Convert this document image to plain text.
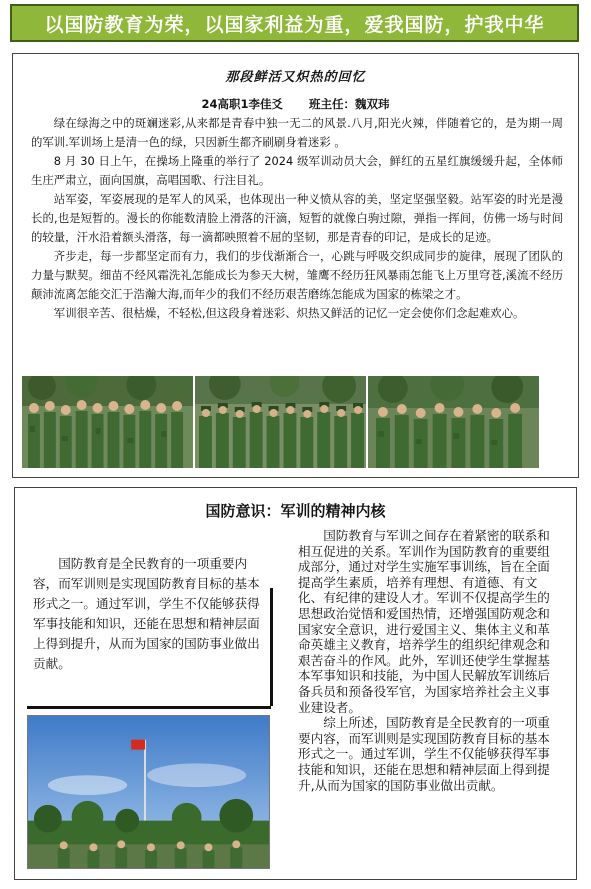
以国防教育为荣，以国家利益为重，爱我国防，护我中华
那段鲜活又炽热的回忆
24高职1李佳爻 班主任：魏双玮

绿在绿海之中的斑斓迷彩,从来都是青春中独一无二的风景.八月,阳光火辣，伴随着它的，是为期一周的军训.军训场上是清一色的绿，只因新生都齐刷刷身着迷彩 。

8 月 30 日上午，在操场上隆重的举行了 2024 级军训动员大会，鲜红的五星红旗缓缓升起，全体师生庄严肃立，面向国旗，高唱国歌、行注目礼。

站军姿，军姿展现的是军人的风采，也体现出一种义愤从容的美，坚定坚强坚毅。站军姿的时光是漫长的,也是短暂的。漫长的你能数清脸上滑落的汗滴，短暂的就像白驹过隙，弹指一挥间，仿佛一场与时间的较量，汗水沿着额头滑落，每一滴都映照着不屈的坚韧，那是青春的印记，是成长的足迹。

齐步走，每一步都坚定而有力，我们的步伐渐渐合一，心跳与呼吸交织成同步的旋律，展现了团队的力量与默契。细苗不经风霜洗礼怎能成长为参天大树，雏鹰不经历狂风暴雨怎能飞上万里穹苍,溪流不经历颠沛流离怎能交汇于浩瀚大海,而年少的我们不经历艰苦磨练怎能成为国家的栋梁之才。

军训很辛苦、很枯燥，不轻松,但这段身着迷彩、炽热又鲜活的记忆一定会使你们念起难欢心。

国防意识：军训的精神内核

国防教育是全民教育的一项重要内容，而军训则是实现国防教育目标的基本形式之一。通过军训，学生不仅能够获得军事技能和知识，还能在思想和精神层面上得到提升，从而为国家的国防事业做出贡献。

国防教育与军训之间存在着紧密的联系和相互促进的关系。军训作为国防教育的重要组成部分，通过对学生实施军事训练，旨在全面提高学生素质，培养有理想、有道德、有文化、有纪律的建设人才。军训不仅提高学生的思想政治觉悟和爱国热情，还增强国防观念和国家安全意识，进行爱国主义、集体主义和革命英雄主义教育，培养学生的组织纪律观念和艰苦奋斗的作风。此外，军训还使学生掌握基本军事知识和技能，为中国人民解放军训练后备兵员和预备役军官，为国家培养社会主义事业建设者。

综上所述，国防教育是全民教育的一项重要内容，而军训则是实现国防教育目标的基本形式之一。通过军训，学生不仅能够获得军事技能和知识，还能在思想和精神层面上得到提升,从而为国家的国防事业做出贡献。
